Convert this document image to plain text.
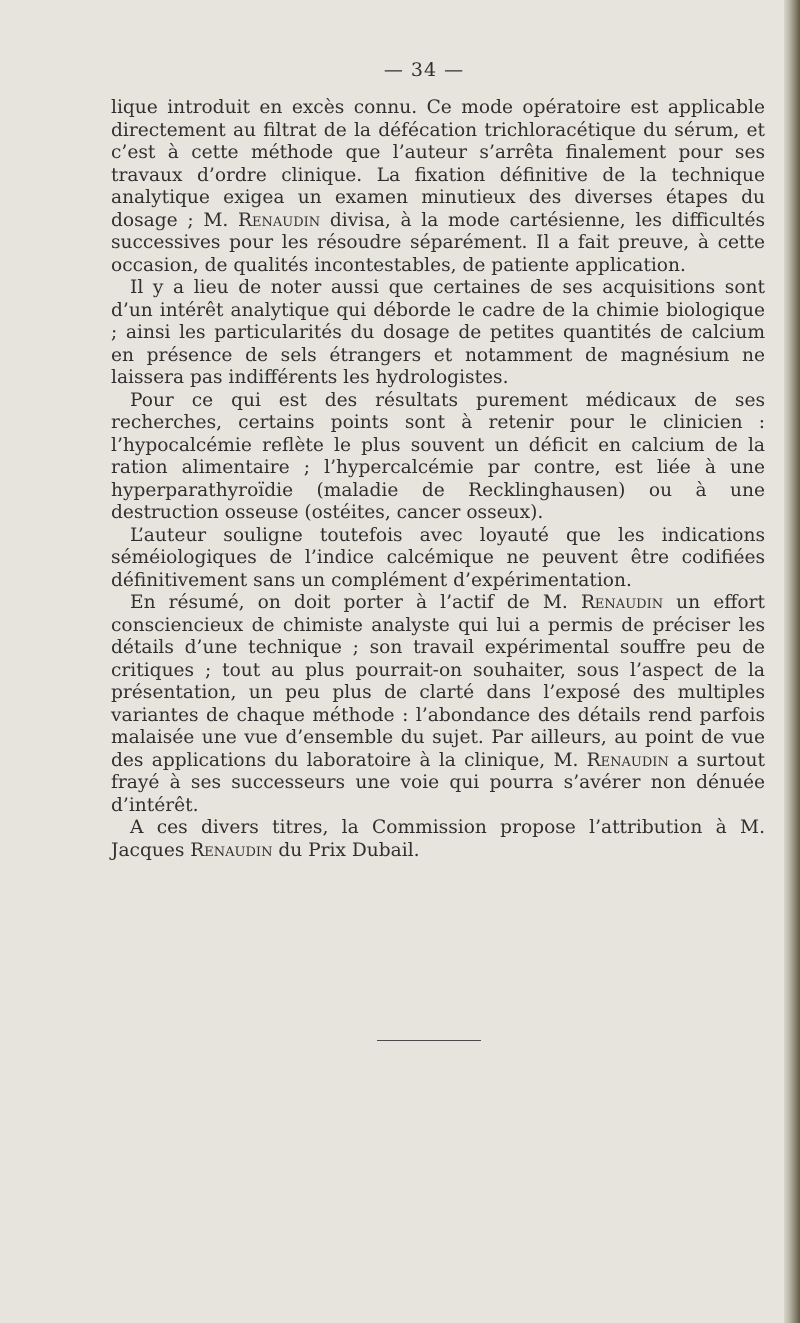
— 34 —

lique introduit en excès connu. Ce mode opératoire est applicable directement au filtrat de la défécation trichloracétique du sérum, et c’est à cette méthode que l’auteur s’arrêta finalement pour ses travaux d’ordre clinique. La fixation définitive de la technique analytique exigea un examen minutieux des diverses étapes du dosage ; M. Renaudin divisa, à la mode cartésienne, les difficultés successives pour les résoudre séparément. Il a fait preuve, à cette occasion, de qualités incontestables, de patiente application.

Il y a lieu de noter aussi que certaines de ses acquisitions sont d’un intérêt analytique qui déborde le cadre de la chimie biologique ; ainsi les particularités du dosage de petites quantités de calcium en présence de sels étrangers et notamment de magnésium ne laissera pas indifférents les hydrologistes.

Pour ce qui est des résultats purement médicaux de ses recherches, certains points sont à retenir pour le clinicien : l’hypocalcémie reflète le plus souvent un déficit en calcium de la ration alimentaire ; l’hypercalcémie par contre, est liée à une hyperparathyroïdie (maladie de Recklinghausen) ou à une destruction osseuse (ostéites, cancer osseux).

L’auteur souligne toutefois avec loyauté que les indications séméiologiques de l’indice calcémique ne peuvent être codifiées définitivement sans un complément d’expérimentation.

En résumé, on doit porter à l’actif de M. Renaudin un effort consciencieux de chimiste analyste qui lui a permis de préciser les détails d’une technique ; son travail expérimental souffre peu de critiques ; tout au plus pourrait-on souhaiter, sous l’aspect de la présentation, un peu plus de clarté dans l’exposé des multiples variantes de chaque méthode : l’abondance des détails rend parfois malaisée une vue d’ensemble du sujet. Par ailleurs, au point de vue des applications du laboratoire à la clinique, M. Renaudin a surtout frayé à ses successeurs une voie qui pourra s’avérer non dénuée d’intérêt.

A ces divers titres, la Commission propose l’attribution à M. Jacques Renaudin du Prix Dubail.
